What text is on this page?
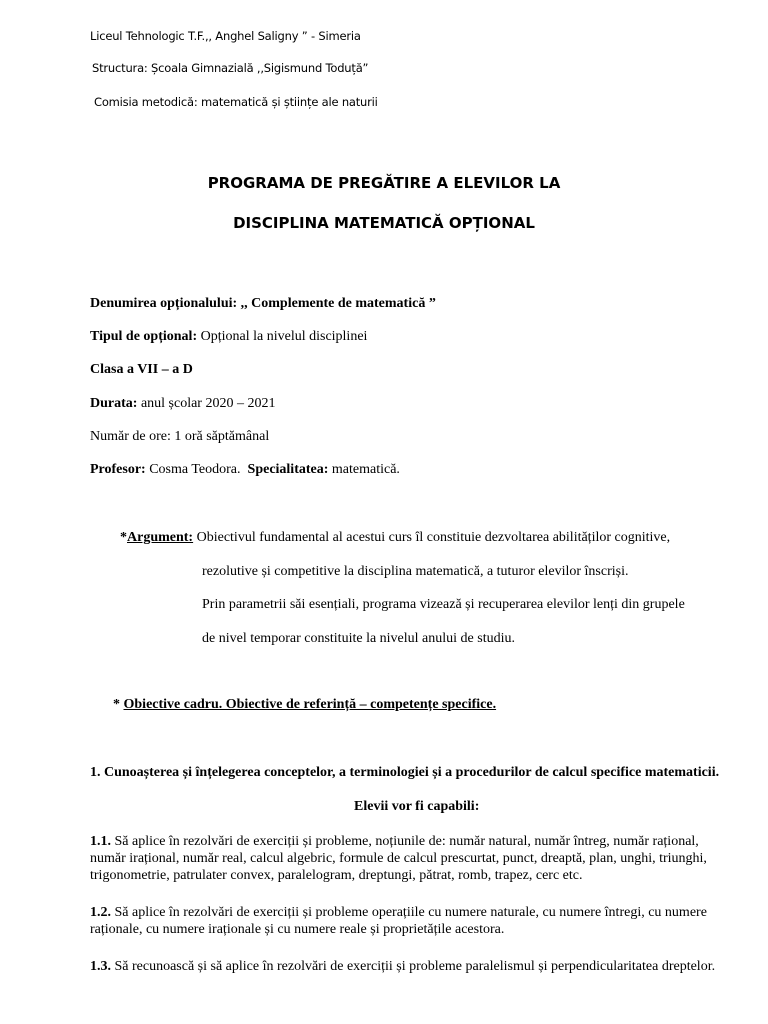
Liceul Tehnologic T.F.,, Anghel Saligny ” - Simeria
Structura: Școala Gimnazială ,,Sigismund Toduță”
Comisia metodică: matematică și științe ale naturii
PROGRAMA DE PREGĂTIRE A ELEVILOR LA
DISCIPLINA MATEMATICĂ OPȚIONAL
Denumirea opționalului: ,, Complemente de matematică ”
Tipul de opțional: Opțional la nivelul disciplinei
Clasa a VII – a D
Durata: anul școlar 2020 – 2021
Număr de ore: 1 oră săptămânal
Profesor: Cosma Teodora. Specialitatea: matematică.
*Argument: Obiectivul fundamental al acestui curs îl constituie dezvoltarea abilităților cognitive,
rezolutive și competitive la disciplina matematică, a tuturor elevilor înscriși.
Prin parametrii săi esențiali, programa vizează și recuperarea elevilor lenți din grupele
de nivel temporar constituite la nivelul anului de studiu.
* Obiective cadru. Obiective de referință – competențe specifice.
1. Cunoașterea și înțelegerea conceptelor, a terminologiei și a procedurilor de calcul specifice matematicii.
Elevii vor fi capabili:
1.1. Să aplice în rezolvări de exerciții și probleme, noțiunile de: număr natural, număr întreg, număr rațional, număr irațional, număr real, calcul algebric, formule de calcul prescurtat, punct, dreaptă, plan, unghi, triunghi, trigonometrie, patrulater convex, paralelogram, dreptungi, pătrat, romb, trapez, cerc etc.
1.2. Să aplice în rezolvări de exerciții și probleme operațiile cu numere naturale, cu numere întregi, cu numere raționale, cu numere iraționale și cu numere reale și proprietățile acestora.
1.3. Să recunoască și să aplice în rezolvări de exerciții și probleme paralelismul și perpendicularitatea dreptelor.
